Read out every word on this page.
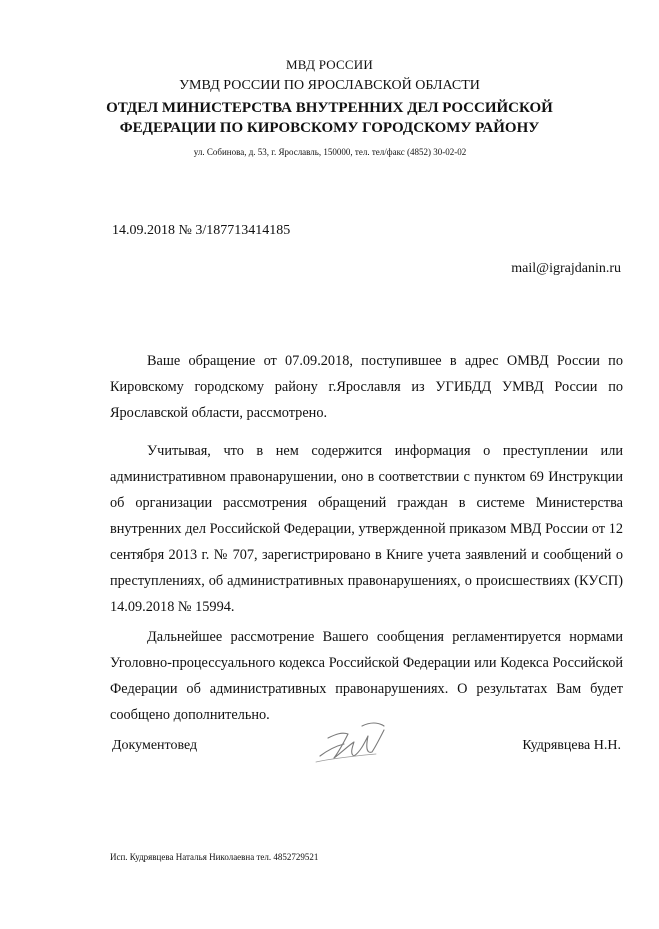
МВД РОССИИ
УМВД РОССИИ ПО ЯРОСЛАВСКОЙ ОБЛАСТИ
ОТДЕЛ МИНИСТЕРСТВА ВНУТРЕННИХ ДЕЛ РОССИЙСКОЙ
ФЕДЕРАЦИИ ПО КИРОВСКОМУ ГОРОДСКОМУ РАЙОНУ
ул. Собинова, д. 53, г. Ярославль, 150000, тел. тел/факс (4852) 30-02-02
14.09.2018 № 3/187713414185
mail@igrajdanin.ru

Ваше обращение от 07.09.2018, поступившее в адрес ОМВД России по Кировскому городскому району г.Ярославля из УГИБДД УМВД России по Ярославской области, рассмотрено.

Учитывая, что в нем содержится информация о преступлении или административном правонарушении, оно в соответствии с пунктом 69 Инструкции об организации рассмотрения обращений граждан в системе Министерства внутренних дел Российской Федерации, утвержденной приказом МВД России от 12 сентября 2013 г. № 707, зарегистрировано в Книге учета заявлений и сообщений о преступлениях, об административных правонарушениях, о происшествиях (КУСП) 14.09.2018 № 15994.

Дальнейшее рассмотрение Вашего сообщения регламентируется нормами Уголовно-процессуального кодекса Российской Федерации или Кодекса Российской Федерации об административных правонарушениях. О результатах Вам будет сообщено дополнительно.

Документовед	Кудрявцева Н.Н.
Исп. Кудрявцева Наталья Николаевна тел. 4852729521
